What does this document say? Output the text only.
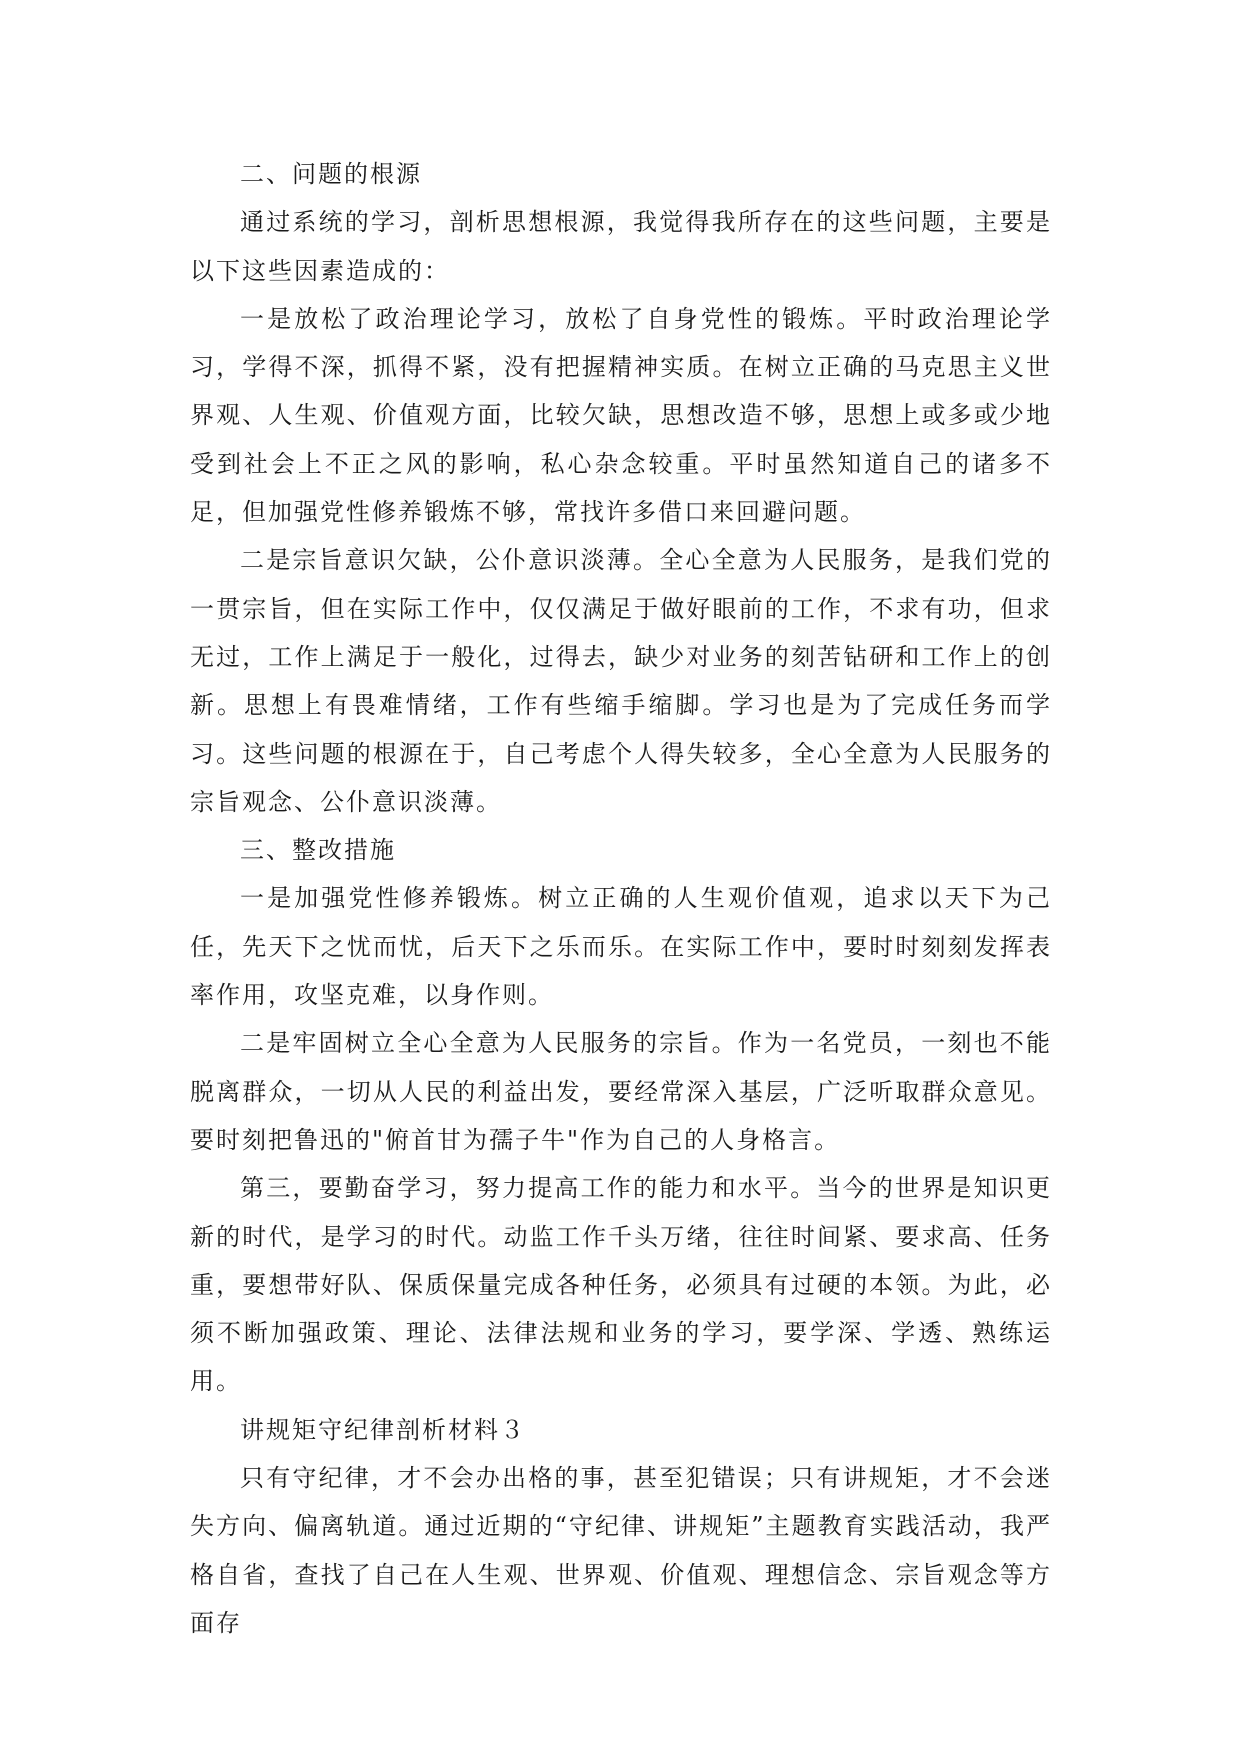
二、问题的根源

通过系统的学习，剖析思想根源，我觉得我所存在的这些问题，主要是以下这些因素造成的：

一是放松了政治理论学习，放松了自身党性的锻炼。平时政治理论学习，学得不深，抓得不紧，没有把握精神实质。在树立正确的马克思主义世界观、人生观、价值观方面，比较欠缺，思想改造不够，思想上或多或少地受到社会上不正之风的影响，私心杂念较重。平时虽然知道自己的诸多不足，但加强党性修养锻炼不够，常找许多借口来回避问题。

二是宗旨意识欠缺，公仆意识淡薄。全心全意为人民服务，是我们党的一贯宗旨，但在实际工作中，仅仅满足于做好眼前的工作，不求有功，但求无过，工作上满足于一般化，过得去，缺少对业务的刻苦钻研和工作上的创新。思想上有畏难情绪，工作有些缩手缩脚。学习也是为了完成任务而学习。这些问题的根源在于，自己考虑个人得失较多，全心全意为人民服务的宗旨观念、公仆意识淡薄。

三、整改措施

一是加强党性修养锻炼。树立正确的人生观价值观，追求以天下为己任，先天下之忧而忧，后天下之乐而乐。在实际工作中，要时时刻刻发挥表率作用，攻坚克难，以身作则。

二是牢固树立全心全意为人民服务的宗旨。作为一名党员，一刻也不能脱离群众，一切从人民的利益出发，要经常深入基层，广泛听取群众意见。要时刻把鲁迅的"俯首甘为孺子牛"作为自己的人身格言。

第三，要勤奋学习，努力提高工作的能力和水平。当今的世界是知识更新的时代，是学习的时代。动监工作千头万绪，往往时间紧、要求高、任务重，要想带好队、保质保量完成各种任务，必须具有过硬的本领。为此，必须不断加强政策、理论、法律法规和业务的学习，要学深、学透、熟练运用。

讲规矩守纪律剖析材料３

只有守纪律，才不会办出格的事，甚至犯错误；只有讲规矩，才不会迷失方向、偏离轨道。通过近期的“守纪律、讲规矩”主题教育实践活动，我严格自省，查找了自己在人生观、世界观、价值观、理想信念、宗旨观念等方面存
